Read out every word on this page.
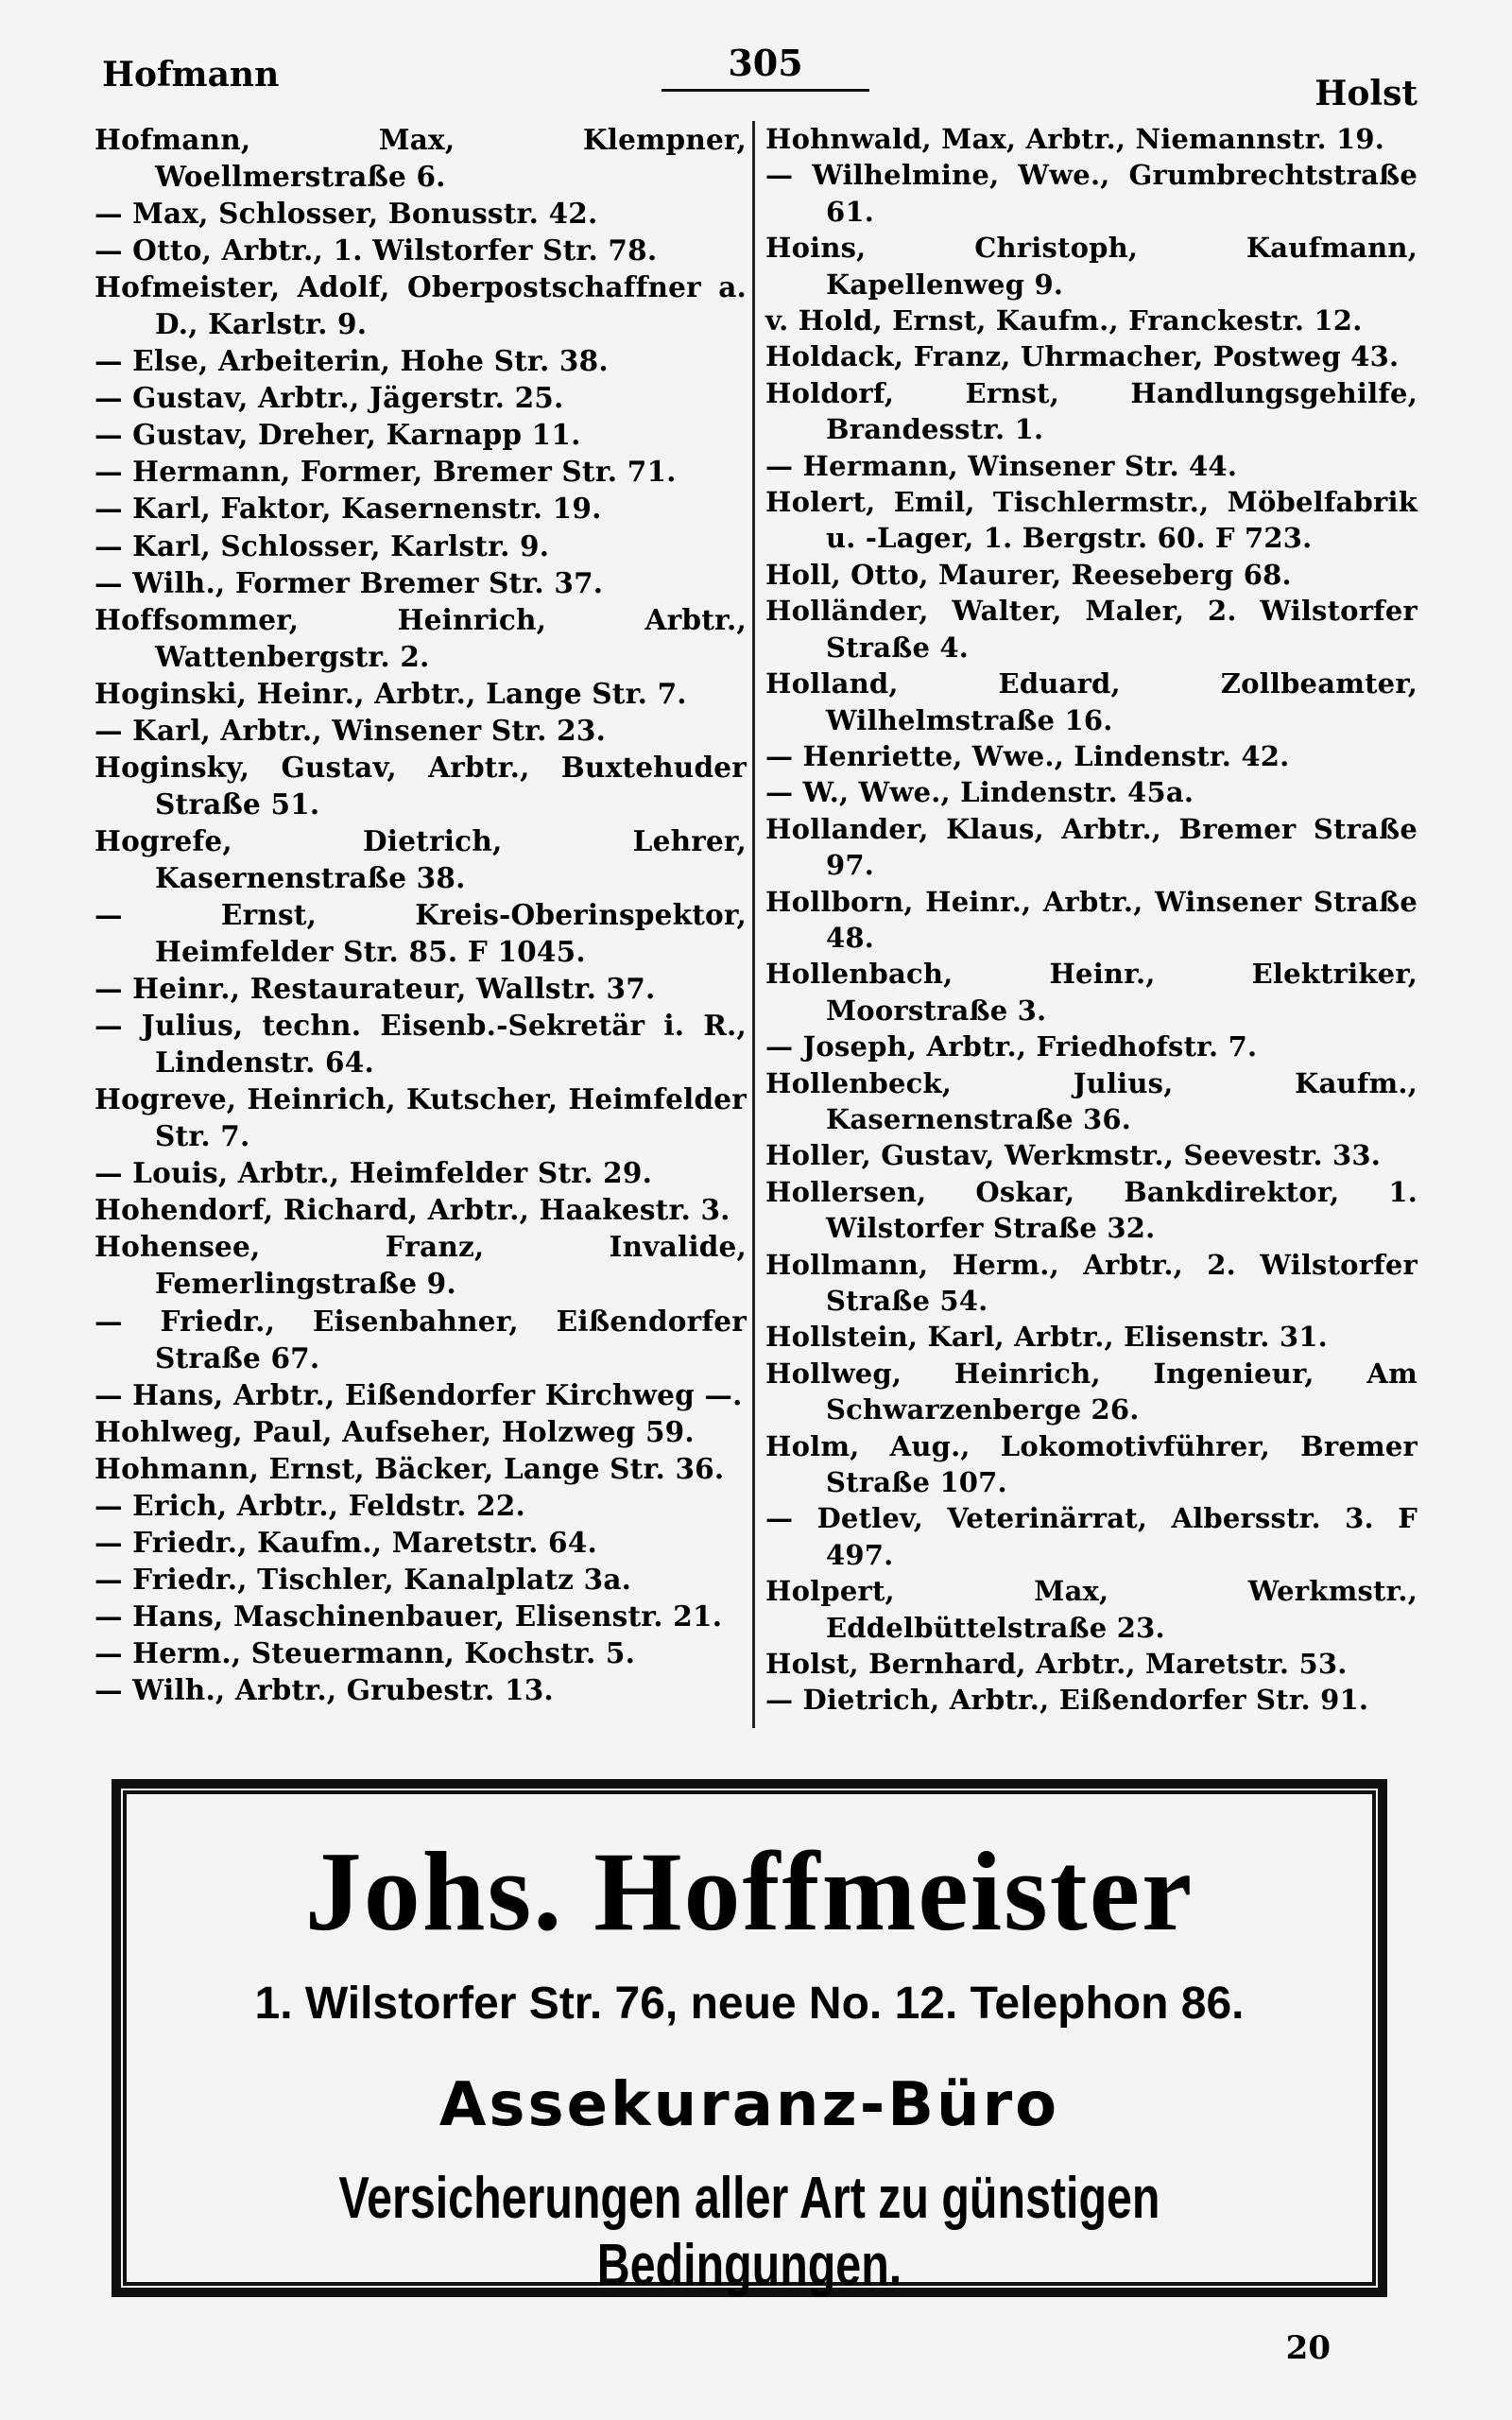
Hofmann	305
Holst

Hofmann, Max, Klempner, Woellmerstraße 6.

— Max, Schlosser, Bonusstr. 42.

— Otto, Arbtr., 1. Wilstorfer Str. 78.

Hofmeister, Adolf, Oberpostschaffner a. D., Karlstr. 9.

— Else, Arbeiterin, Hohe Str. 38.

— Gustav, Arbtr., Jägerstr. 25.

— Gustav, Dreher, Karnapp 11.

— Hermann, Former, Bremer Str. 71.

— Karl, Faktor, Kasernenstr. 19.

— Karl, Schlosser, Karlstr. 9.

— Wilh., Former Bremer Str. 37.

Hoffsommer, Heinrich, Arbtr., Wattenbergstr. 2.

Hoginski, Heinr., Arbtr., Lange Str. 7.

— Karl, Arbtr., Winsener Str. 23.

Hoginsky, Gustav, Arbtr., Buxtehuder Straße 51.

Hogrefe, Dietrich, Lehrer, Kasernenstraße 38.

— Ernst, Kreis-Oberinspektor, Heimfelder Str. 85. F 1045.

— Heinr., Restaurateur, Wallstr. 37.

— Julius, techn. Eisenb.-Sekretär i. R., Lindenstr. 64.

Hogreve, Heinrich, Kutscher, Heimfelder Str. 7.

— Louis, Arbtr., Heimfelder Str. 29.

Hohendorf, Richard, Arbtr., Haakestr. 3.

Hohensee, Franz, Invalide, Femerlingstraße 9.

— Friedr., Eisenbahner, Eißendorfer Straße 67.

— Hans, Arbtr., Eißendorfer Kirchweg —.

Hohlweg, Paul, Aufseher, Holzweg 59.

Hohmann, Ernst, Bäcker, Lange Str. 36.

— Erich, Arbtr., Feldstr. 22.

— Friedr., Kaufm., Maretstr. 64.

— Friedr., Tischler, Kanalplatz 3a.

— Hans, Maschinenbauer, Elisenstr. 21.

— Herm., Steuermann, Kochstr. 5.

— Wilh., Arbtr., Grubestr. 13.

Hohnwald, Max, Arbtr., Niemannstr. 19.

— Wilhelmine, Wwe., Grumbrechtstraße 61.

Hoins, Christoph, Kaufmann, Kapellenweg 9.

v. Hold, Ernst, Kaufm., Franckestr. 12.

Holdack, Franz, Uhrmacher, Postweg 43.

Holdorf, Ernst, Handlungsgehilfe, Brandesstr. 1.

— Hermann, Winsener Str. 44.

Holert, Emil, Tischlermstr., Möbelfabrik u. -Lager, 1. Bergstr. 60. F 723.

Holl, Otto, Maurer, Reeseberg 68.

Holländer, Walter, Maler, 2. Wilstorfer Straße 4.

Holland, Eduard, Zollbeamter, Wilhelmstraße 16.

— Henriette, Wwe., Lindenstr. 42.

— W., Wwe., Lindenstr. 45a.

Hollander, Klaus, Arbtr., Bremer Straße 97.

Hollborn, Heinr., Arbtr., Winsener Straße 48.

Hollenbach, Heinr., Elektriker, Moorstraße 3.

— Joseph, Arbtr., Friedhofstr. 7.

Hollenbeck, Julius, Kaufm., Kasernenstraße 36.

Holler, Gustav, Werkmstr., Seevestr. 33.

Hollersen, Oskar, Bankdirektor, 1. Wilstorfer Straße 32.

Hollmann, Herm., Arbtr., 2. Wilstorfer Straße 54.

Hollstein, Karl, Arbtr., Elisenstr. 31.

Hollweg, Heinrich, Ingenieur, Am Schwarzenberge 26.

Holm, Aug., Lokomotivführer, Bremer Straße 107.

— Detlev, Veterinärrat, Albersstr. 3. F 497.

Holpert, Max, Werkmstr., Eddelbüttelstraße 23.

Holst, Bernhard, Arbtr., Maretstr. 53.

— Dietrich, Arbtr., Eißendorfer Str. 91.

Johs. Hoffmeister
1. Wilstorfer Str. 76, neue No. 12. Telephon 86.
Assekuranz-Büro
Versicherungen aller Art zu günstigen Bedingungen.
20
